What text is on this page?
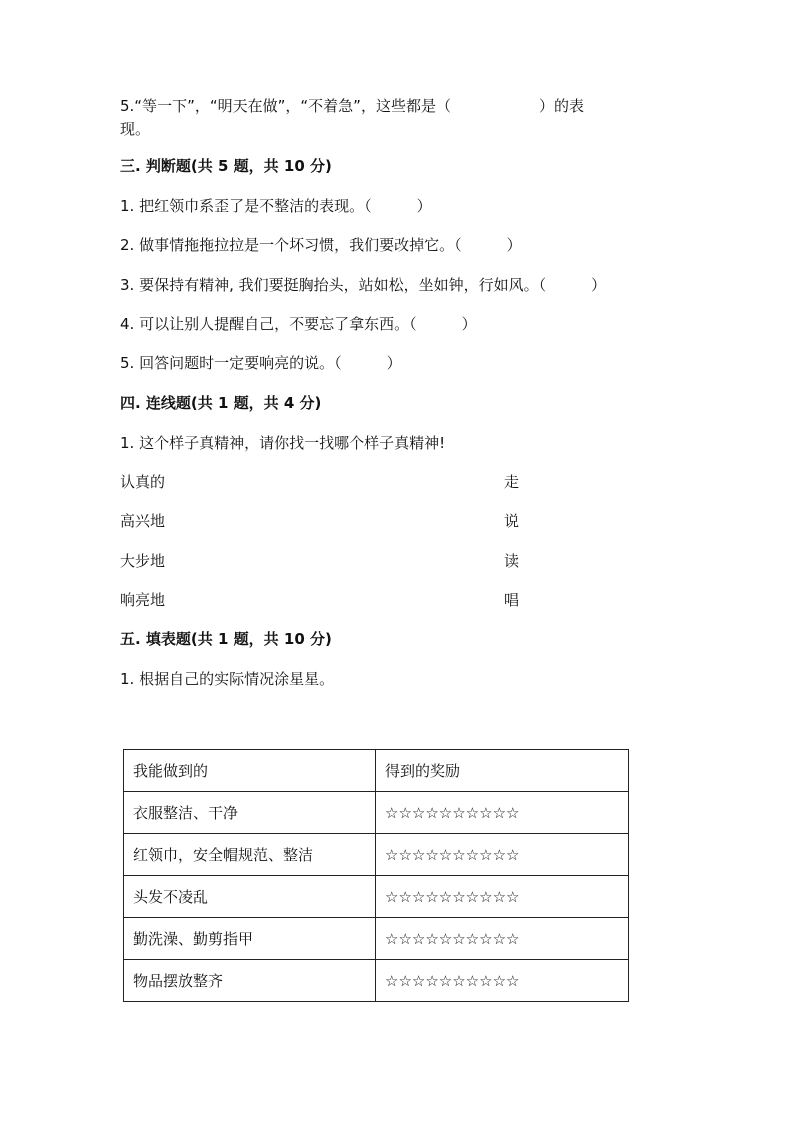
5.“等一下”，“明天在做”，“不着急”，这些都是（	）的表
现。
三. 判断题(共 5 题，共 10 分)
1. 把红领巾系歪了是不整洁的表现。（　　　）
2. 做事情拖拖拉拉是一个坏习惯，我们要改掉它。（　　　）
3. 要保持有精神, 我们要挺胸抬头，站如松，坐如钟，行如风。（　　　）
4. 可以让别人提醒自己，不要忘了拿东西。（　　　）
5. 回答问题时一定要响亮的说。（　　　）
四. 连线题(共 1 题，共 4 分)
1. 这个样子真精神，请你找一找哪个样子真精神!
认真的	走
高兴地	说
大步地	读
响亮地	唱
五. 填表题(共 1 题，共 10 分)
1. 根据自己的实际情况涂星星。
我能做到的	得到的奖励
衣服整洁、干净	☆☆☆☆☆☆☆☆☆☆
红领巾，安全帽规范、整洁	☆☆☆☆☆☆☆☆☆☆
头发不凌乱	☆☆☆☆☆☆☆☆☆☆
勤洗澡、勤剪指甲	☆☆☆☆☆☆☆☆☆☆
物品摆放整齐	☆☆☆☆☆☆☆☆☆☆
